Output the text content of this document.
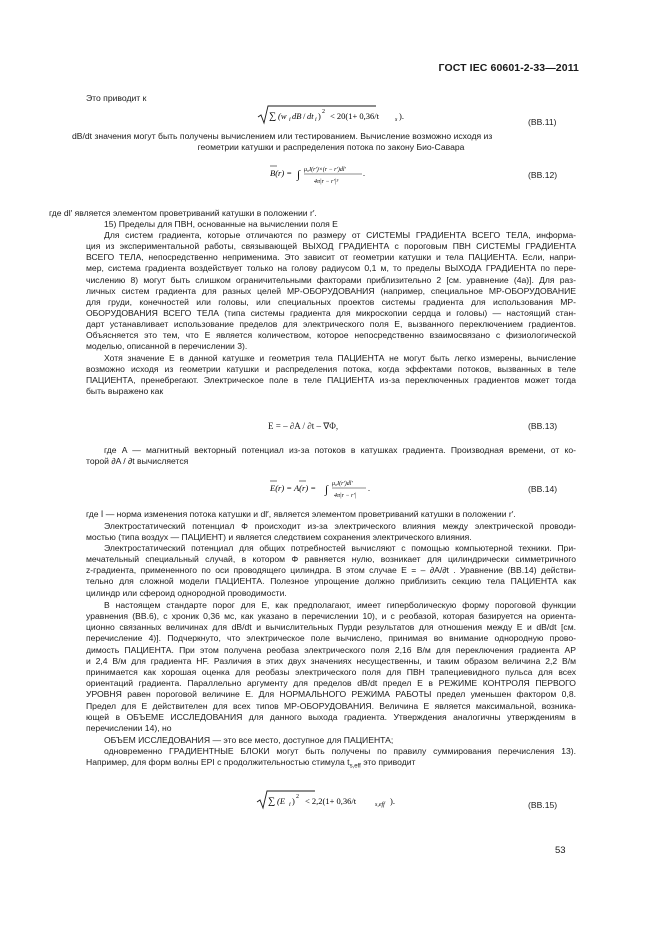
ГОСТ IEC 60601-2-33—2011
Это приводит к
∑ (w i dB / dt i ) 2 < 20(1+ 0,36/t	s ).
(ВВ.11)
dB/dt значения могут быть получены вычислением или тестированием. Вычисление возможно исходя из
геометрии катушки и распределения потока по закону Био-Савара
B(r) = ∫ μ₀I(r′)×(r − r′)dl′
4π|r − r′|³
.	(ВВ.12)
где dl′ является элементом проветриваний катушки в положении r′.
15) Пределы для ПВН, основанные на вычислении поля E
Для систем градиента, которые отличаются по размеру от СИСТЕМЫ ГРАДИЕНТА ВСЕГО ТЕЛА, информа-
ция из экспериментальной работы, связывающей ВЫХОД ГРАДИЕНТА с пороговым ПВН СИСТЕМЫ ГРАДИЕНТА
ВСЕГО ТЕЛА, непосредственно неприменима. Это зависит от геометрии катушки и тела ПАЦИЕНТА. Если, напри-
мер, система градиента воздействует только на голову радиусом 0,1 м, то пределы ВЫХОДА ГРАДИЕНТА по пере-
числению 8) могут быть слишком ограничительными факторами приблизительно 2 [см. уравнение (4а)]. Для раз-
личных систем градиента для разных целей МР-ОБОРУДОВАНИЯ (например, специальное МР-ОБОРУДОВАНИЕ
для груди, конечностей или головы, или специальных проектов системы градиента для использования МР-
ОБОРУДОВАНИЯ ВСЕГО ТЕЛА (типа системы градиента для микроскопии сердца и головы) — настоящий стан-
дарт устанавливает использование пределов для электрического поля E, вызванного переключением градиентов.
Объясняется это тем, что E является количеством, которое непосредственно взаимосвязано с физиологической
моделью, описанной в перечислении 3).
Хотя значение E в данной катушке и геометрия тела ПАЦИЕНТА не могут быть легко измерены, вычисление
возможно исходя из геометрии катушки и распределения потока, когда эффектами потоков, вызванных в теле
ПАЦИЕНТА, пренебрегают. Электрическое поле в теле ПАЦИЕНТА из-за переключенных градиентов может тогда
быть выражено как
E = – ∂A / ∂t – ∇Φ,	(ВВ.13)
где A — магнитный векторный потенциал из-за потоков в катушках градиента. Производная времени, от ко-
торой ∂A / ∂t вычисляется
E(r) = A(r) = ∫ μ₀I(r′)dl′
4π|r − r′|
.	(ВВ.14)
где İ — норма изменения потока катушки и dl′, является элементом проветриваний катушки в положении r′.
Электростатический потенциал Φ происходит из-за электрического влияния между электрической проводи-
мостью (типа воздух — ПАЦИЕНТ) и является следствием сохранения электрического влияния.
Электростатический потенциал для общих потребностей вычисляют с помощью компьютерной техники. При-
мечательный специальный случай, в котором Φ равняется нулю, возникает для цилиндрически симметричного
z-градиента, примененного по оси проводящего цилиндра. В этом случае E = – ∂A/∂t . Уравнение (ВВ.14) действи-
тельно для сложной модели ПАЦИЕНТА. Полезное упрощение должно приблизить секцию тела ПАЦИЕНТА как
цилиндр или сфероид однородной проводимости.
В настоящем стандарте порог для E, как предполагают, имеет гиперболическую форму пороговой функции
уравнения (ВВ.6), с хроник 0,36 мс, как указано в перечислении 10), и с реобазой, которая базируется на ориента-
ционно связанных величинах для dB/dt и вычислительных Пурди результатов для отношения между E и dB/dt [см.
перечисление 4)]. Подчеркнуто, что электрическое поле вычислено, принимая во внимание однородную прово-
димость ПАЦИЕНТА. При этом получена реобаза электрического поля 2,16 В/м для переключения градиента AP
и 2,4 В/м для градиента HF. Различия в этих двух значениях несущественны, и таким образом величина 2,2 В/м
принимается как хорошая оценка для реобазы электрического поля для ПВН трапециевидного пульса для всех
ориентаций градиента. Параллельно аргументу для пределов dB/dt предел E в РЕЖИМЕ КОНТРОЛЯ ПЕРВОГО
УРОВНЯ равен пороговой величине E. Для НОРМАЛЬНОГО РЕЖИМА РАБОТЫ предел уменьшен фактором 0,8.
Предел для E действителен для всех типов МР-ОБОРУДОВАНИЯ. Величина E является максимальной, возника-
ющей в ОБЪЕМЕ ИССЛЕДОВАНИЯ для данного выхода градиента. Утверждения аналогичны утверждениям в
перечислении 14), но
ОБЪЕМ ИССЛЕДОВАНИЯ — это все место, доступное для ПАЦИЕНТА;
одновременно ГРАДИЕНТНЫЕ БЛОКИ могут быть получены по правилу суммирования перечисления 13).
Например, для форм волны EPI с продолжительностью стимула $t_{s,eff}$ это приводит
∑ (E i ) 2 < 2,2(1+ 0,36/t	s,eff ).	(ВВ.15)
53
